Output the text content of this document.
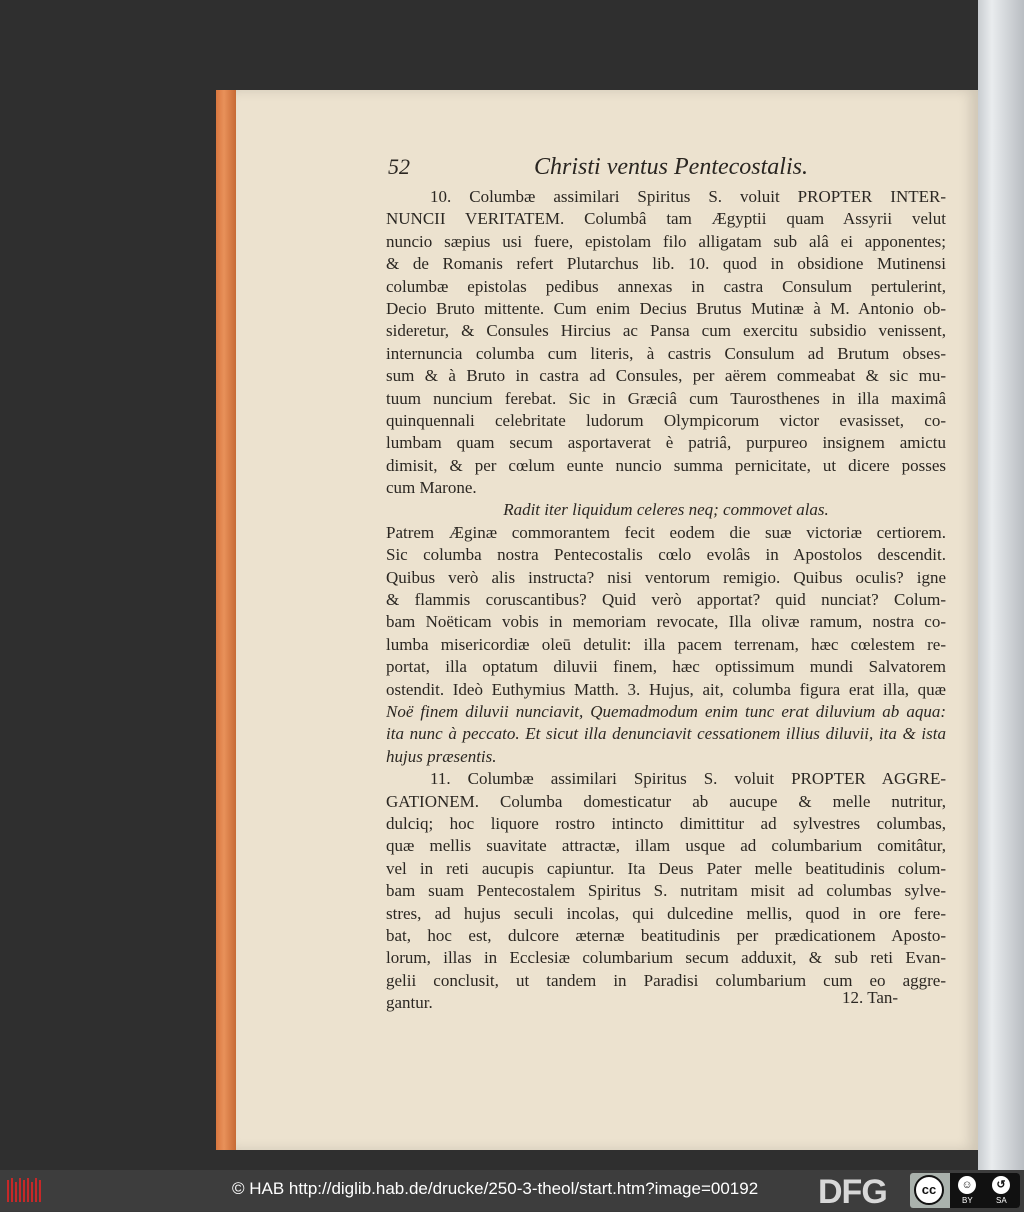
52	Christi ventus Pentecostalis.
10. Columbæ assimilari Spiritus S. voluit PROPTER INTER-
NUNCII VERITATEM. Columbâ tam Ægyptii quam Assyrii velut
nuncio sæpius usi fuere, epistolam filo alligatam sub alâ ei apponentes;
& de Romanis refert Plutarchus lib. 10. quod in obsidione Mutinensi
columbæ epistolas pedibus annexas in castra Consulum pertulerint,
Decio Bruto mittente. Cum enim Decius Brutus Mutinæ à M. Antonio ob-
sideretur, & Consules Hircius ac Pansa cum exercitu subsidio venissent,
internuncia columba cum literis, à castris Consulum ad Brutum obses-
sum & à Bruto in castra ad Consules, per aërem commeabat & sic mu-
tuum nuncium ferebat. Sic in Græciâ cum Taurosthenes in illa maximâ
quinquennali celebritate ludorum Olympicorum victor evasisset, co-
lumbam quam secum asportaverat è patriâ, purpureo insignem amictu
dimisit, & per cœlum eunte nuncio summa pernicitate, ut dicere posses
cum Marone.
Radit iter liquidum celeres neq; commovet alas.
Patrem Æginæ commorantem fecit eodem die suæ victoriæ certiorem.
Sic columba nostra Pentecostalis cœlo evolâs in Apostolos descendit.
Quibus verò alis instructa? nisi ventorum remigio. Quibus oculis? igne
& flammis coruscantibus? Quid verò apportat? quid nunciat? Colum-
bam Noëticam vobis in memoriam revocate, Illa olivæ ramum, nostra co-
lumba misericordiæ oleū detulit: illa pacem terrenam, hæc cœlestem re-
portat, illa optatum diluvii finem, hæc optissimum mundi Salvatorem
ostendit. Ideò Euthymius Matth. 3. Hujus, ait, columba figura erat illa, quæ
Noë finem diluvii nunciavit, Quemadmodum enim tunc erat diluvium ab aqua:
ita nunc à peccato. Et sicut illa denunciavit cessationem illius diluvii, ita & ista
hujus præsentis.
11. Columbæ assimilari Spiritus S. voluit PROPTER AGGRE-
GATIONEM. Columba domesticatur ab aucupe & melle nutritur,
dulciq; hoc liquore rostro intincto dimittitur ad sylvestres columbas,
quæ mellis suavitate attractæ, illam usque ad columbarium comitâtur,
vel in reti aucupis capiuntur. Ita Deus Pater melle beatitudinis colum-
bam suam Pentecostalem Spiritus S. nutritam misit ad columbas sylve-
stres, ad hujus seculi incolas, qui dulcedine mellis, quod in ore fere-
bat, hoc est, dulcore æternæ beatitudinis per prædicationem Aposto-
lorum, illas in Ecclesiæ columbarium secum adduxit, & sub reti Evan-
gelii conclusit, ut tandem in Paradisi columbarium cum eo aggre-
gantur.	12. Tan-
© HAB http://diglib.hab.de/drucke/250-3-theol/start.htm?image=00192 DFG	cc	☺
BY
↺
SA
